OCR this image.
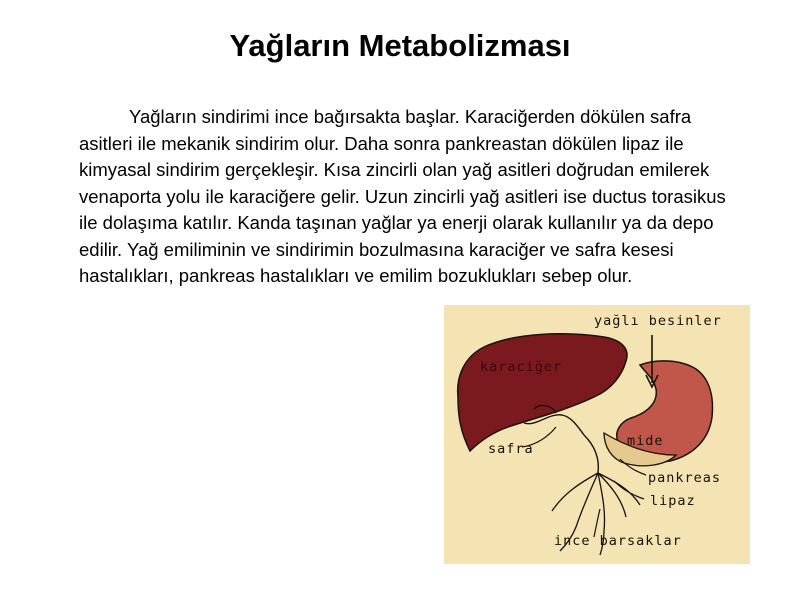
Yağların Metabolizması

Yağların sindirimi ince bağırsakta başlar. Karaciğerden dökülen safra asitleri ile mekanik sindirim olur. Daha sonra pankreastan dökülen lipaz ile kimyasal sindirim gerçekleşir. Kısa zincirli olan yağ asitleri doğrudan emilerek venaporta yolu ile karaciğere gelir. Uzun zincirli yağ asitleri ise ductus torasikus ile dolaşıma katılır. Kanda taşınan yağlar ya enerji olarak kullanılır ya da depo edilir. Yağ emiliminin ve sindirimin bozulmasına karaciğer ve safra kesesi hastalıkları, pankreas hastalıkları ve emilim bozuklukları sebep olur.

yağlı besinler
karaciğer
mide
safra
pankreas
lipaz
ince barsaklar
